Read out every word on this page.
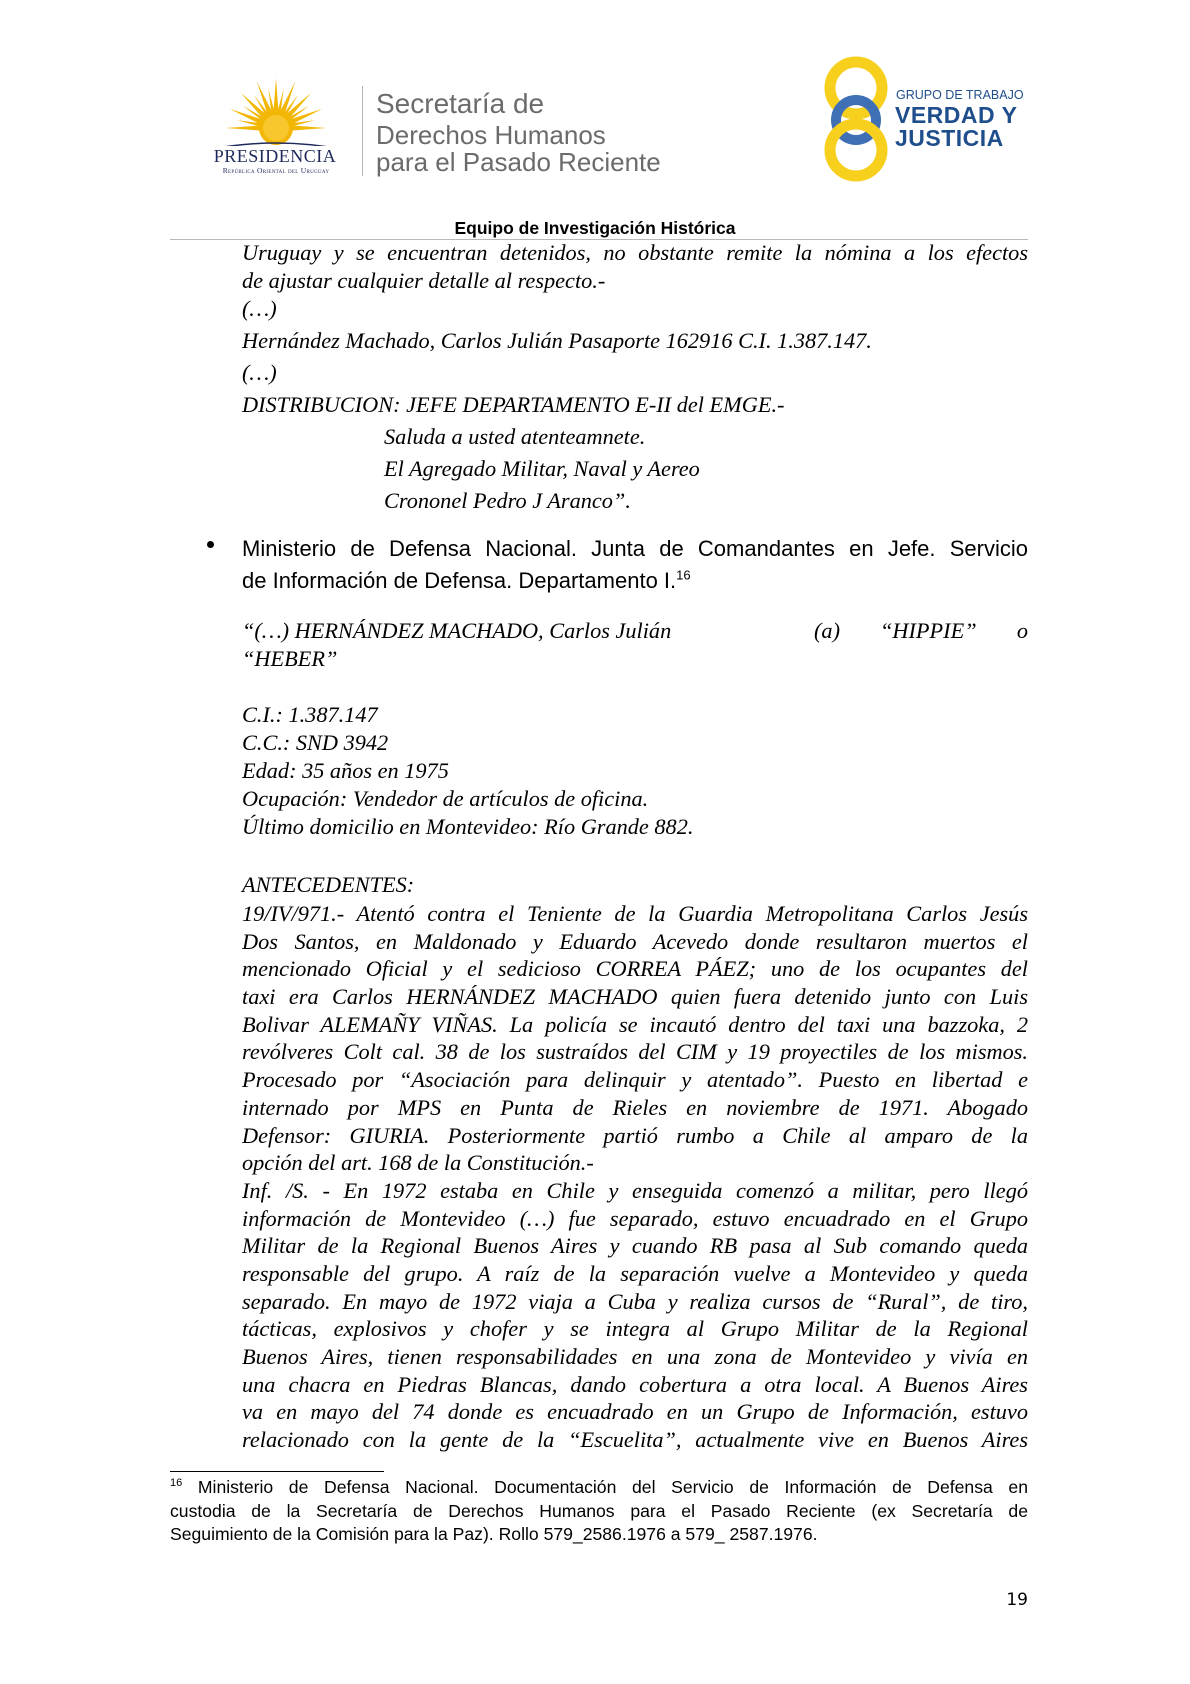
PRESIDENCIA
República Oriental del Uruguay
Secretaría de
Derechos Humanos
para el Pasado Reciente
GRUPO DE TRABAJO
VERDAD Y
JUSTICIA
Equipo de Investigación Histórica
Uruguay y se encuentran detenidos, no obstante remite la nómina a los efectos
de ajustar cualquier detalle al respecto.-
(…)
Hernández Machado, Carlos Julián Pasaporte 162916 C.I. 1.387.147.
(…)
DISTRIBUCION: JEFE DEPARTAMENTO E-II del EMGE.-
Saluda a usted atenteamnete.
El Agregado Militar, Naval y Aereo
Crononel Pedro J Aranco”.
Ministerio de Defensa Nacional. Junta de Comandantes en Jefe. Servicio
de Información de Defensa. Departamento I.$^{16}$
“(…) HERNÁNDEZ MACHADO, Carlos Julián	(a) “HIPPIE” o
“HEBER”
C.I.: 1.387.147
C.C.: SND 3942
Edad: 35 años en 1975
Ocupación: Vendedor de artículos de oficina.
Último domicilio en Montevideo: Río Grande 882.
ANTECEDENTES:
19/IV/971.- Atentó contra el Teniente de la Guardia Metropolitana Carlos Jesús
Dos Santos, en Maldonado y Eduardo Acevedo donde resultaron muertos el
mencionado Oficial y el sedicioso CORREA PÁEZ; uno de los ocupantes del
taxi era Carlos HERNÁNDEZ MACHADO quien fuera detenido junto con Luis
Bolivar ALEMAÑY VIÑAS. La policía se incautó dentro del taxi una bazzoka, 2
revólveres Colt cal. 38 de los sustraídos del CIM y 19 proyectiles de los mismos.
Procesado por “Asociación para delinquir y atentado”. Puesto en libertad e
internado por MPS en Punta de Rieles en noviembre de 1971. Abogado
Defensor: GIURIA. Posteriormente partió rumbo a Chile al amparo de la
opción del art. 168 de la Constitución.-
Inf. /S. - En 1972 estaba en Chile y enseguida comenzó a militar, pero llegó
información de Montevideo (…) fue separado, estuvo encuadrado en el Grupo
Militar de la Regional Buenos Aires y cuando RB pasa al Sub comando queda
responsable del grupo. A raíz de la separación vuelve a Montevideo y queda
separado. En mayo de 1972 viaja a Cuba y realiza cursos de “Rural”, de tiro,
tácticas, explosivos y chofer y se integra al Grupo Militar de la Regional
Buenos Aires, tienen responsabilidades en una zona de Montevideo y vivía en
una chacra en Piedras Blancas, dando cobertura a otra local. A Buenos Aires
va en mayo del 74 donde es encuadrado en un Grupo de Información, estuvo
relacionado con la gente de la “Escuelita”, actualmente vive en Buenos Aires
$^{16}$ Ministerio de Defensa Nacional. Documentación del Servicio de Información de Defensa en
custodia de la Secretaría de Derechos Humanos para el Pasado Reciente (ex Secretaría de
Seguimiento de la Comisión para la Paz). Rollo 579_2586.1976 a 579_ 2587.1976.
19
